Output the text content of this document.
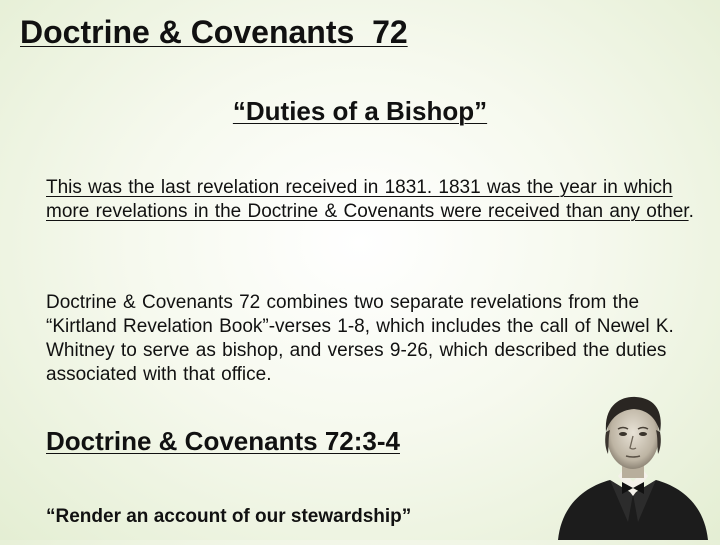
Doctrine & Covenants  72
“Duties of a Bishop”
This was the last revelation received in 1831. 1831 was the year in which more revelations in the Doctrine & Covenants were received than any other.
Doctrine & Covenants 72 combines two separate revelations from the “Kirtland Revelation Book”-verses 1-8, which includes the call of Newel K. Whitney to serve as bishop, and verses 9-26, which described the duties associated with that office.
Doctrine & Covenants 72:3-4
“Render an account of our stewardship”
